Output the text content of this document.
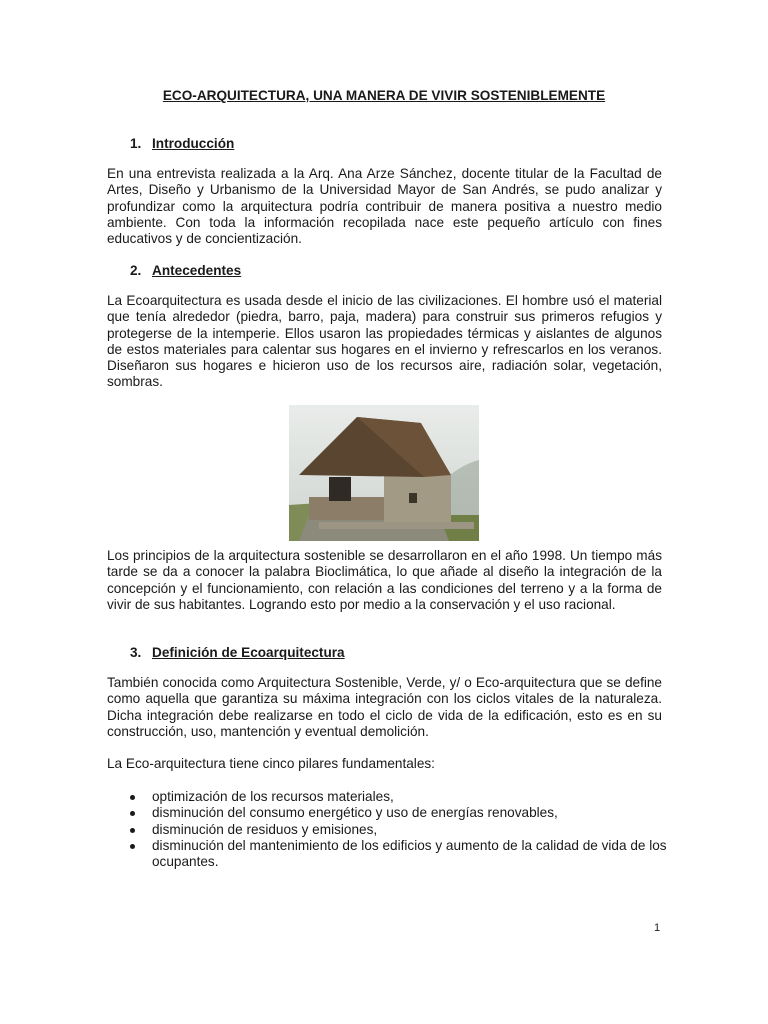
ECO-ARQUITECTURA, UNA MANERA DE VIVIR SOSTENIBLEMENTE
1. Introducción

En una entrevista realizada a la Arq. Ana Arze Sánchez, docente titular de la Facultad de Artes, Diseño y Urbanismo de la Universidad Mayor de San Andrés, se pudo analizar y profundizar como la arquitectura podría contribuir de manera positiva a nuestro medio ambiente. Con toda la información recopilada nace este pequeño artículo con fines educativos y de concientización.

2. Antecedentes

La Ecoarquitectura es usada desde el inicio de las civilizaciones. El hombre usó el material que tenía alrededor (piedra, barro, paja, madera) para construir sus primeros refugios y protegerse de la intemperie. Ellos usaron las propiedades térmicas y aislantes de algunos de estos materiales para calentar sus hogares en el invierno y refrescarlos en los veranos. Diseñaron sus hogares e hicieron uso de los recursos aire, radiación solar, vegetación, sombras.

Los principios de la arquitectura sostenible se desarrollaron en el año 1998. Un tiempo más tarde se da a conocer la palabra Bioclimática, lo que añade al diseño la integración de la concepción y el funcionamiento, con relación a las condiciones del terreno y a la forma de vivir de sus habitantes. Logrando esto por medio a la conservación y el uso racional.

3. Definición de Ecoarquitectura

También conocida como Arquitectura Sostenible, Verde, y/ o Eco-arquitectura que se define como aquella que garantiza su máxima integración con los ciclos vitales de la naturaleza. Dicha integración debe realizarse en todo el ciclo de vida de la edificación, esto es en su construcción, uso, mantención y eventual demolición.

La Eco-arquitectura tiene cinco pilares fundamentales:

optimización de los recursos materiales,
disminución del consumo energético y uso de energías renovables,
disminución de residuos y emisiones,
disminución del mantenimiento de los edificios y aumento de la calidad de vida de los ocupantes.
1
